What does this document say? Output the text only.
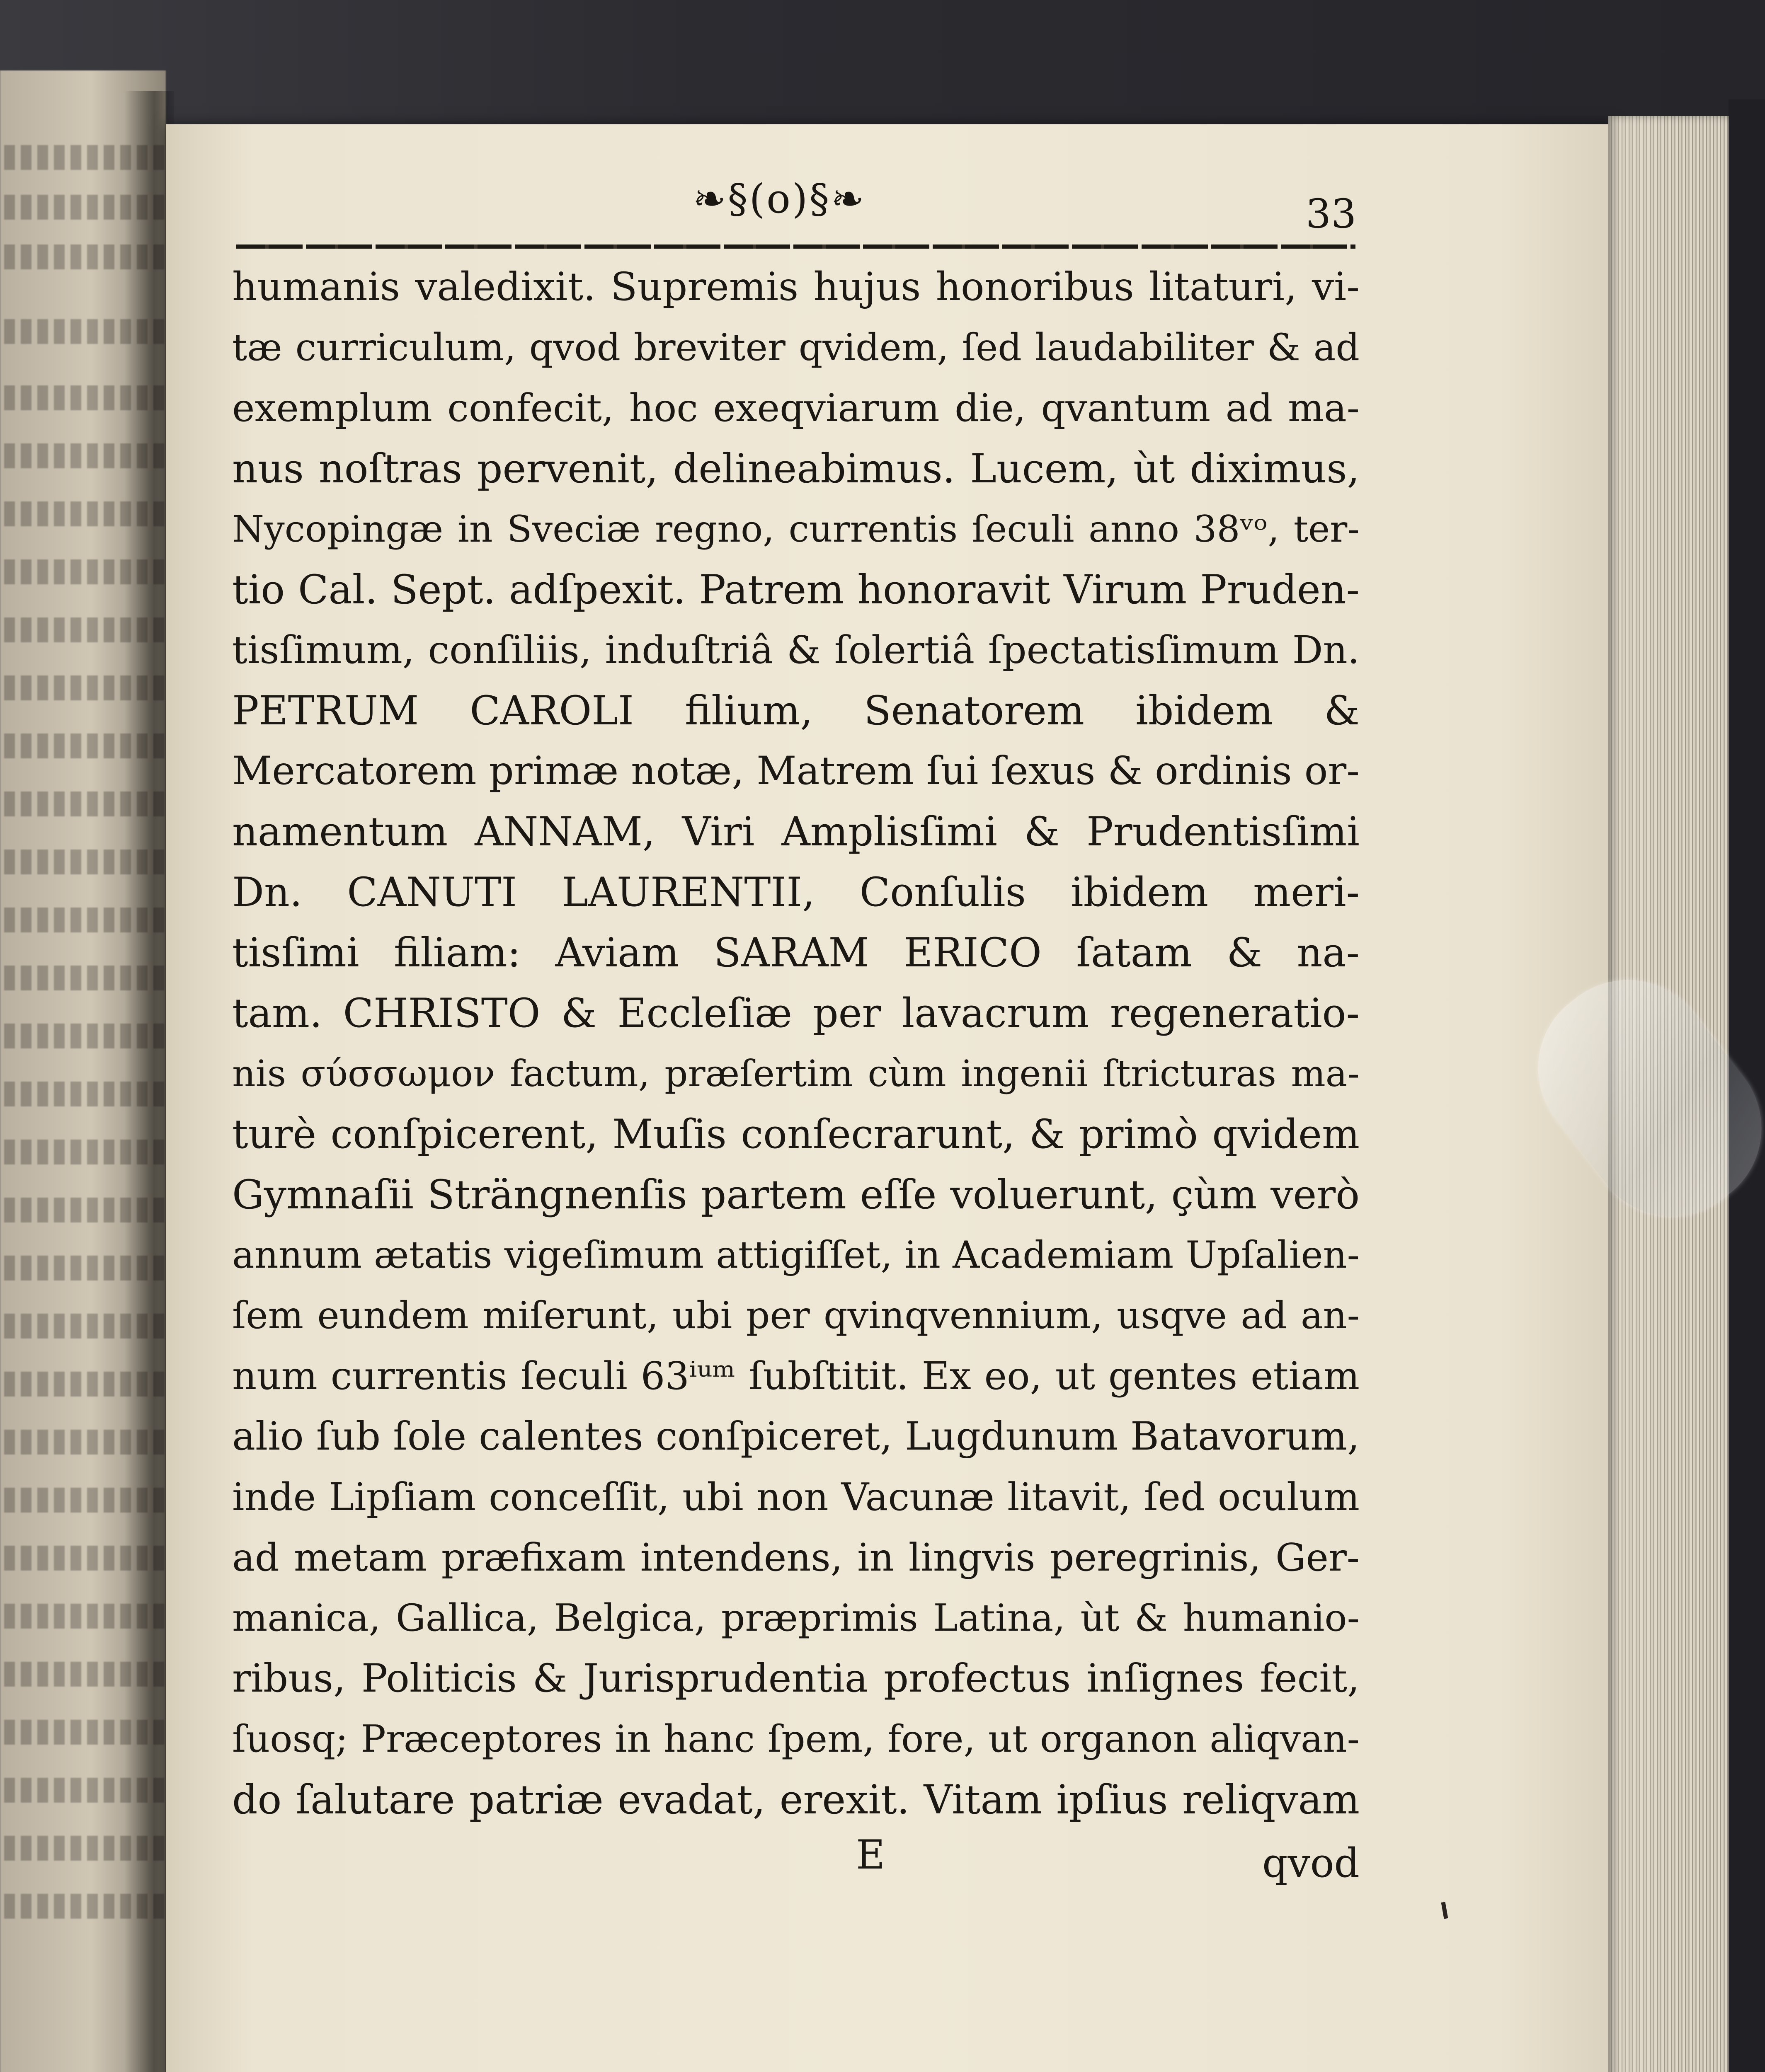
❧§(o)§❧	33
humanis valedixit. Supremis hujus honoribus litaturi, vi-
tæ curriculum, qvod breviter qvidem, ſed laudabiliter & ad
exemplum confecit, hoc exeqviarum die, qvantum ad ma-
nus noſtras pervenit, delineabimus. Lucem, ùt diximus,
Nycopingæ in Sveciæ regno, currentis ſeculi anno 38ᵛᵒ, ter-
tio Cal. Sept. adſpexit. Patrem honoravit Virum Pruden-
tisſimum, conſiliis, induſtriâ & ſolertiâ ſpectatisſimum Dn.
PETRUM CAROLI filium, Senatorem ibidem &
Mercatorem primæ notæ, Matrem ſui ſexus & ordinis or-
namentum ANNAM, Viri Amplisſimi & Prudentisſimi
Dn. CANUTI LAURENTII, Conſulis ibidem meri-
tisſimi filiam: Aviam SARAM ERICO ſatam & na-
tam. CHRISTO & Eccleſiæ per lavacrum regeneratio-
nis σύσσωμον factum, præſertim cùm ingenii ſtricturas ma-
turè conſpicerent, Muſis conſecrarunt, & primò qvidem
Gymnaſii Strängnenſis partem eſſe voluerunt, çùm verò
annum ætatis vigeſimum attigiſſet, in Academiam Upſalien-
ſem eundem miſerunt, ubi per qvinqvennium, usqve ad an-
num currentis ſeculi 63ⁱᵘᵐ ſubſtitit. Ex eo, ut gentes etiam
alio ſub ſole calentes conſpiceret, Lugdunum Batavorum,
inde Lipſiam conceſſit, ubi non Vacunæ litavit, ſed oculum
ad metam præfixam intendens, in lingvis peregrinis, Ger-
manica, Gallica, Belgica, præprimis Latina, ùt & humanio-
ribus, Politicis & Jurisprudentia profectus inſignes fecit,
ſuosq; Præceptores in hanc ſpem, fore, ut organon aliqvan-
do ſalutare patriæ evadat, erexit. Vitam ipſius reliqvam
E	qvod
